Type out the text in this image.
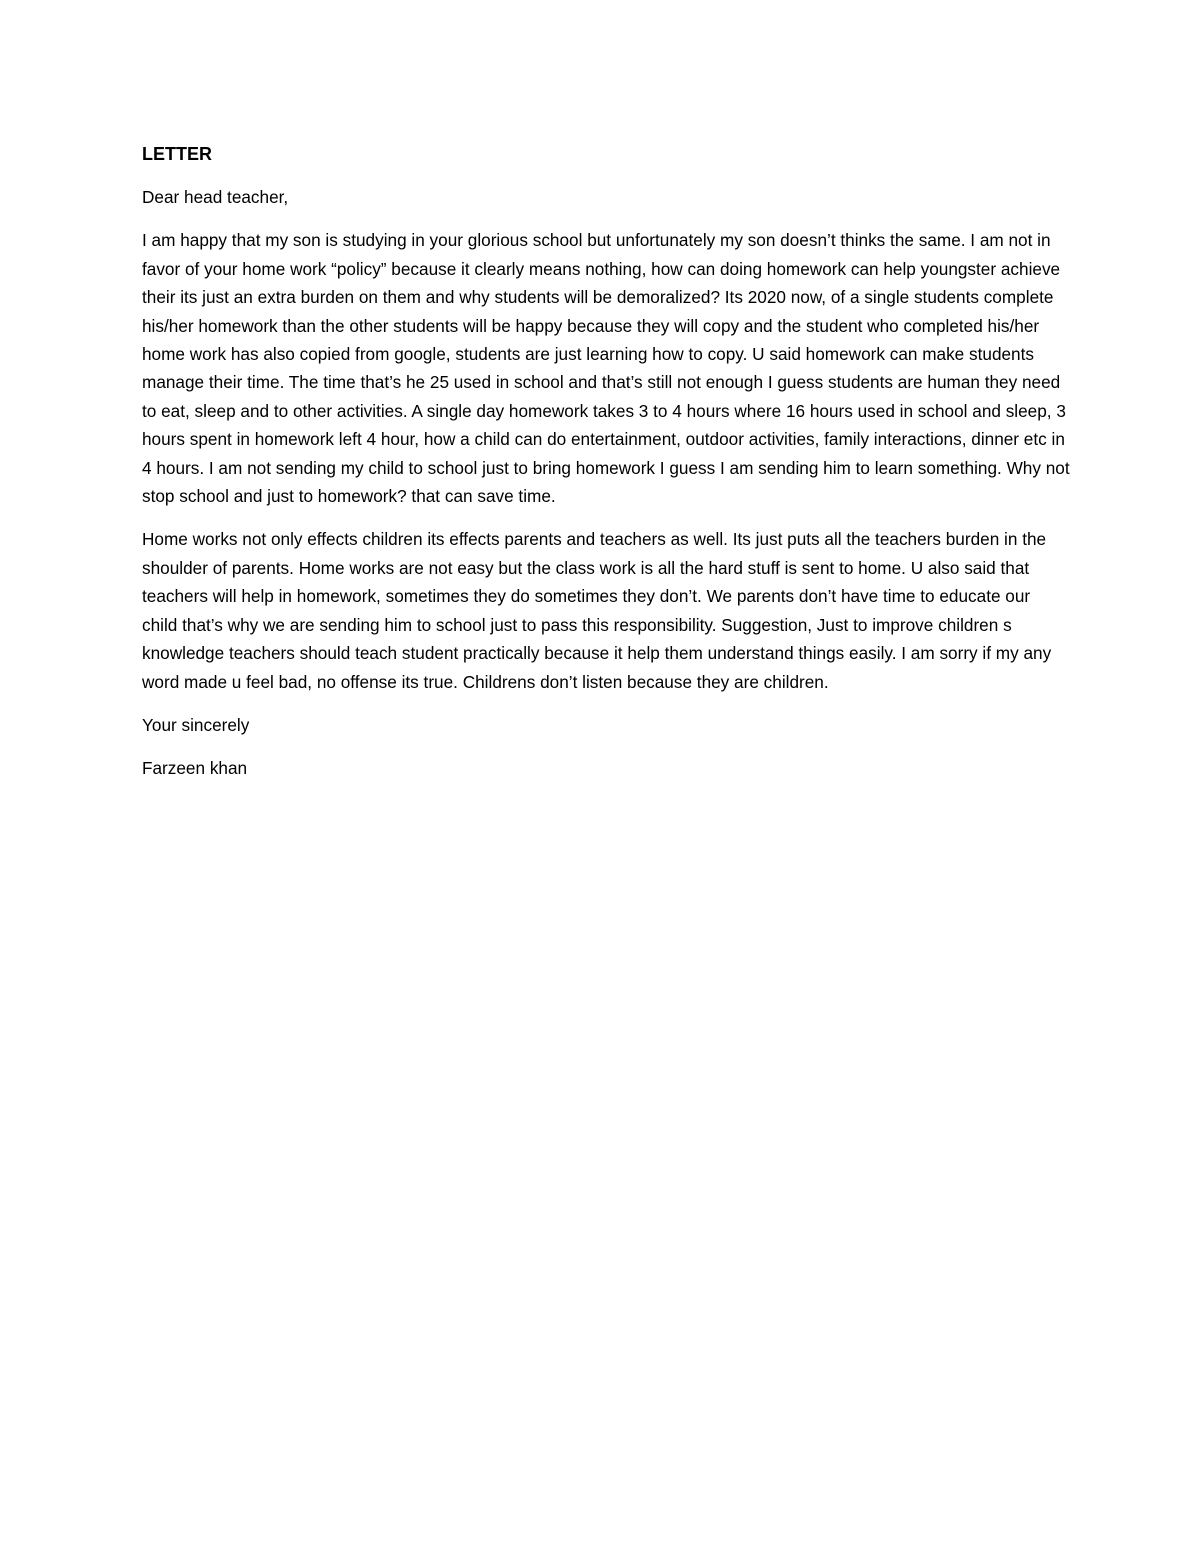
LETTER
Dear head teacher,
I am happy that my son is studying in your glorious school but unfortunately my son doesn’t thinks the same. I am not in favor of your home work “policy” because it clearly means nothing, how can doing homework can help youngster achieve their its just an extra burden on them and why students will be demoralized? Its 2020 now, of a single students complete his/her homework than the other students will be happy because they will copy and the student who completed his/her home work has also copied from google, students are just learning how to copy. U said homework can make students manage their time. The time that’s he 25 used in school and that’s still not enough I guess students are human they need to eat, sleep and to other activities. A single day homework takes 3 to 4 hours where 16 hours used in school and sleep, 3 hours spent in homework left 4 hour, how a child can do entertainment, outdoor activities, family interactions, dinner etc in 4 hours. I am not sending my child to school just to bring homework I guess I am sending him to learn something. Why not stop school and just to homework? that can save time.
Home works not only effects children its effects parents and teachers as well. Its just puts all the teachers burden in the shoulder of parents. Home works are not easy but the class work is all the hard stuff is sent to home. U also said that teachers will help in homework, sometimes they do sometimes they don’t. We parents don’t have time to educate our child that’s why we are sending him to school just to pass this responsibility. Suggestion, Just to improve children s knowledge teachers should teach student practically because it help them understand things easily. I am sorry if my any word made u feel bad, no offense its true. Childrens don’t listen because they are children.
Your sincerely
Farzeen khan
